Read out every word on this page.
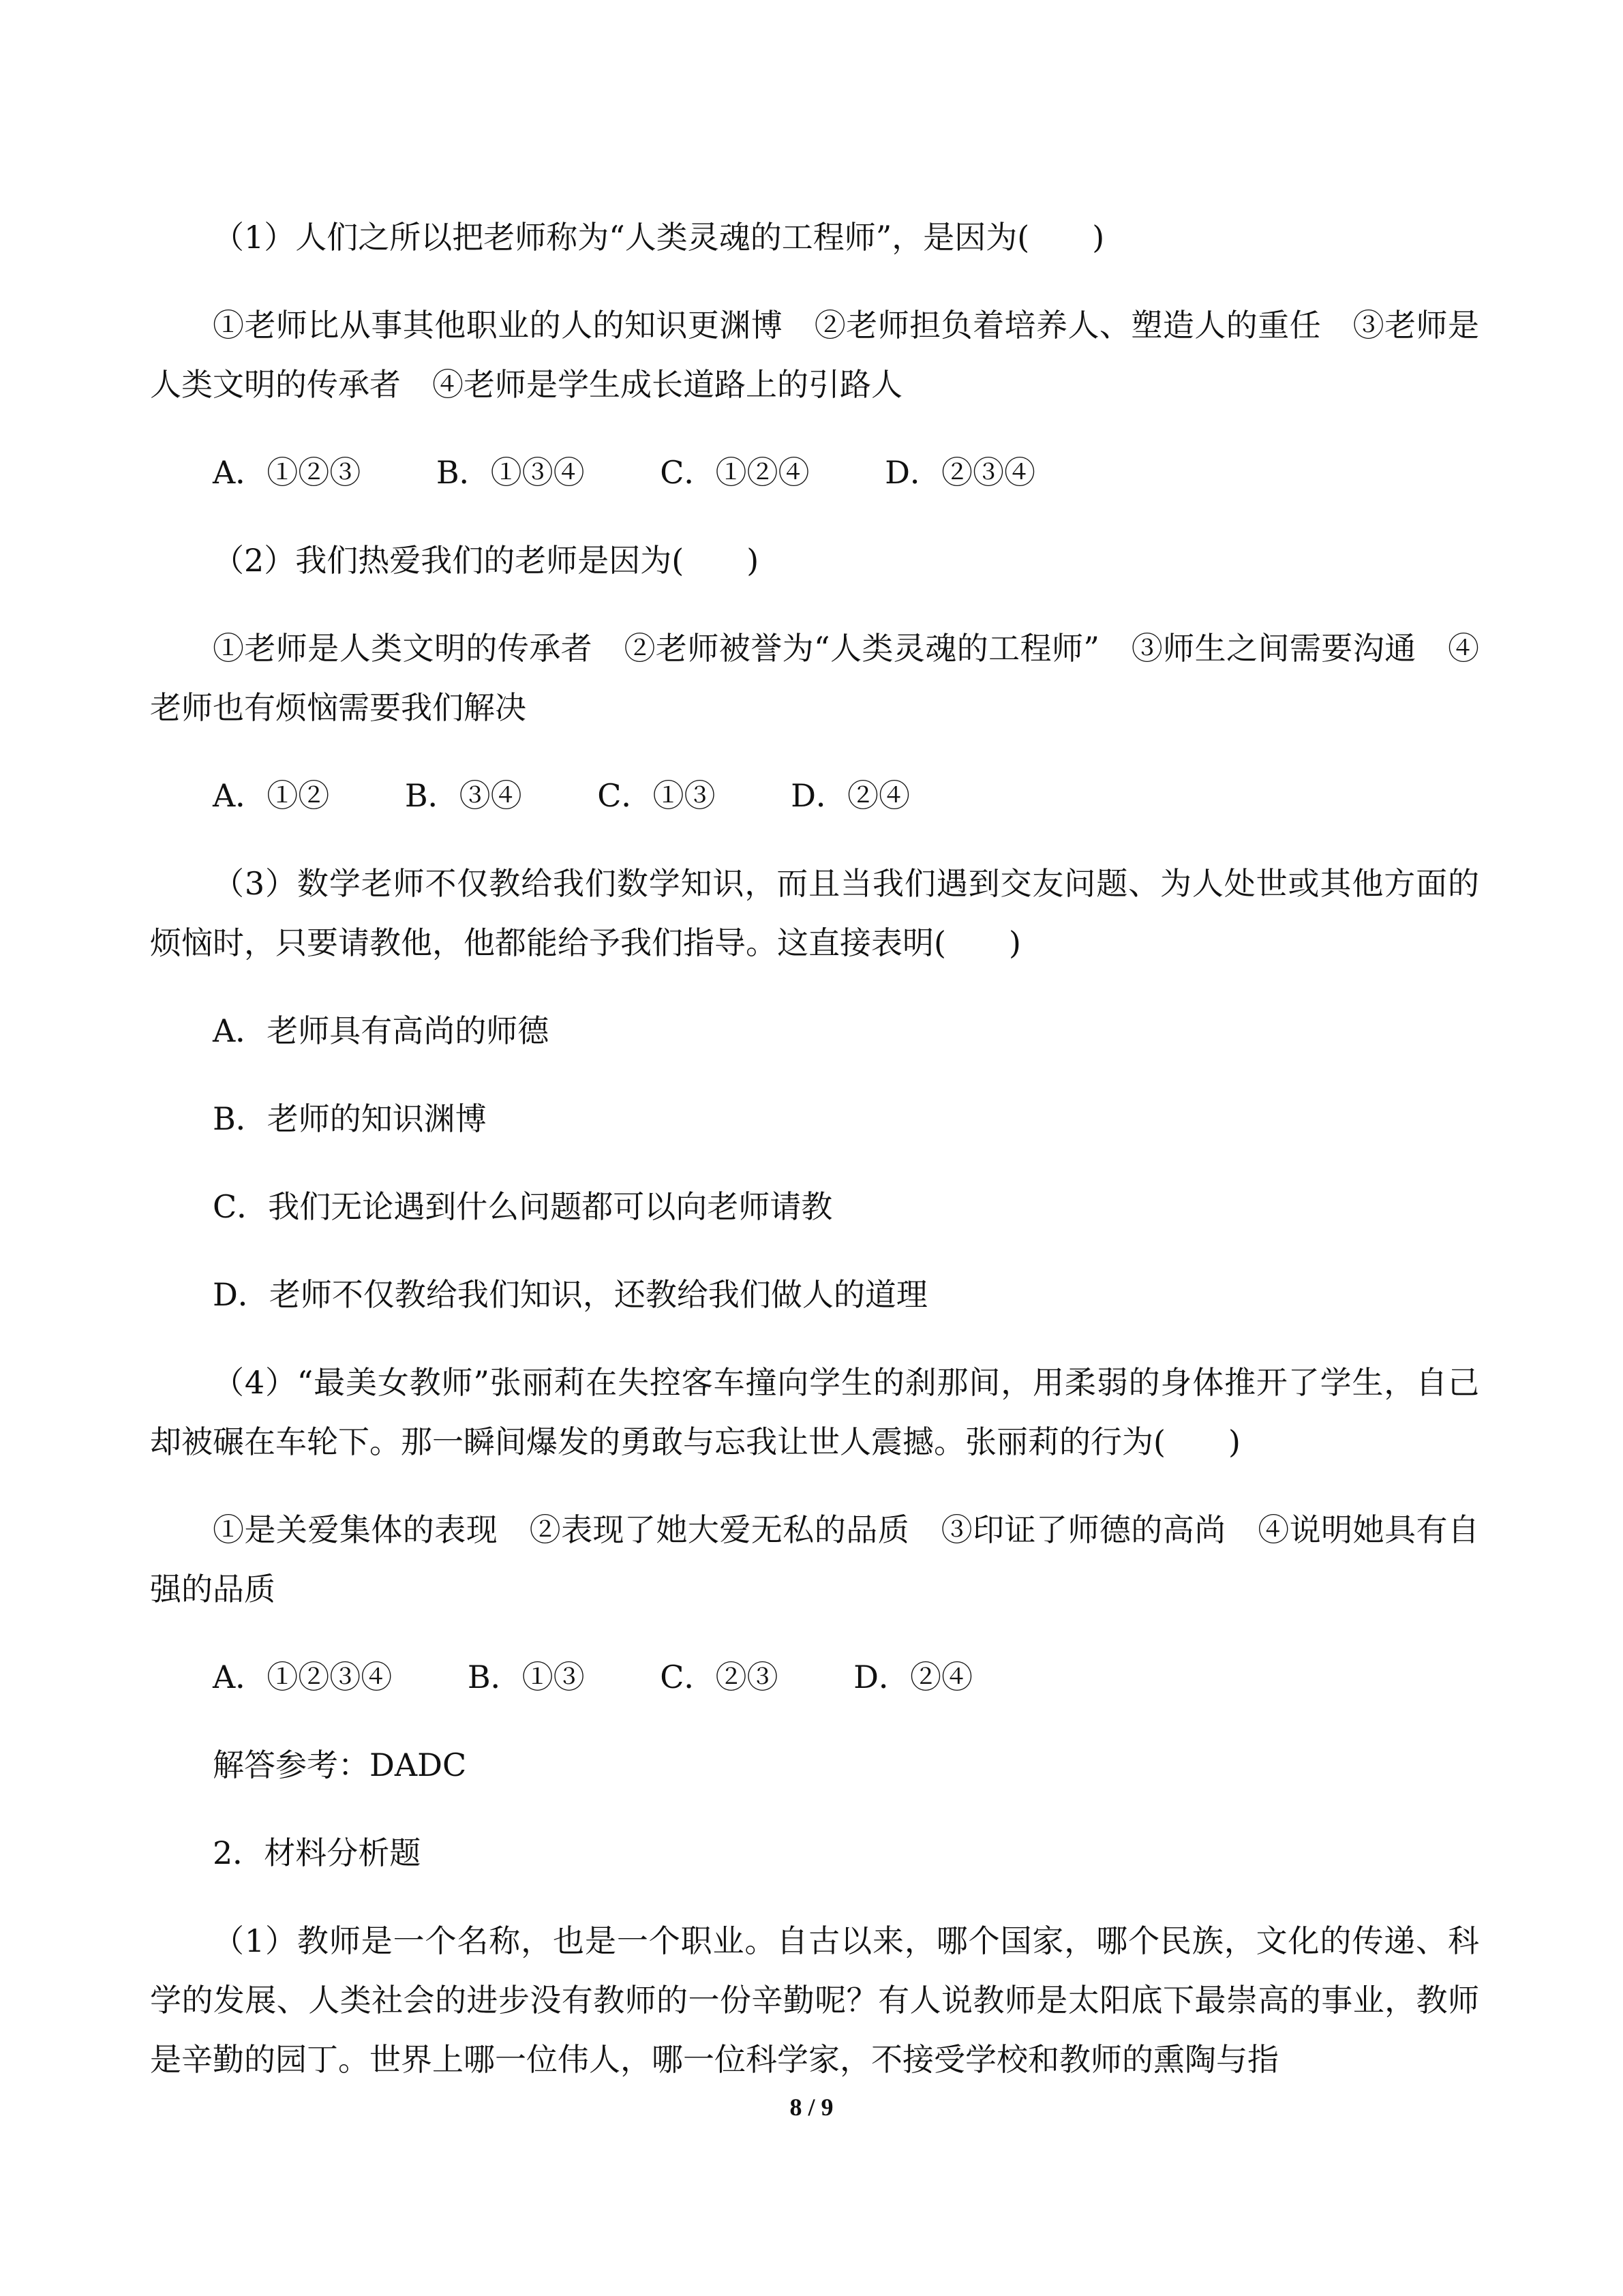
（1）人们之所以把老师称为“人类灵魂的工程师”，是因为(　　)

①老师比从事其他职业的人的知识更渊博　②老师担负着培养人、塑造人的重任　③老师是人类文明的传承者　④老师是学生成长道路上的引路人

A．①②③ B．①③④ C．①②④ D．②③④

（2）我们热爱我们的老师是因为(　　)

①老师是人类文明的传承者　②老师被誉为“人类灵魂的工程师”　③师生之间需要沟通　④老师也有烦恼需要我们解决

A．①② B．③④ C．①③ D．②④

（3）数学老师不仅教给我们数学知识，而且当我们遇到交友问题、为人处世或其他方面的烦恼时，只要请教他，他都能给予我们指导。这直接表明(　　)

A．老师具有高尚的师德
B．老师的知识渊博
C．我们无论遇到什么问题都可以向老师请教
D．老师不仅教给我们知识，还教给我们做人的道理

（4）“最美女教师”张丽莉在失控客车撞向学生的刹那间，用柔弱的身体推开了学生，自己却被碾在车轮下。那一瞬间爆发的勇敢与忘我让世人震撼。张丽莉的行为(　　)

①是关爱集体的表现　②表现了她大爱无私的品质　③印证了师德的高尚　④说明她具有自强的品质

A．①②③④ B．①③ C．②③ D．②④
解答参考：DADC
2．材料分析题

（1）教师是一个名称，也是一个职业。自古以来，哪个国家，哪个民族，文化的传递、科学的发展、人类社会的进步没有教师的一份辛勤呢？有人说教师是太阳底下最崇高的事业，教师是辛勤的园丁。世界上哪一位伟人，哪一位科学家，不接受学校和教师的熏陶与指

8 / 9
